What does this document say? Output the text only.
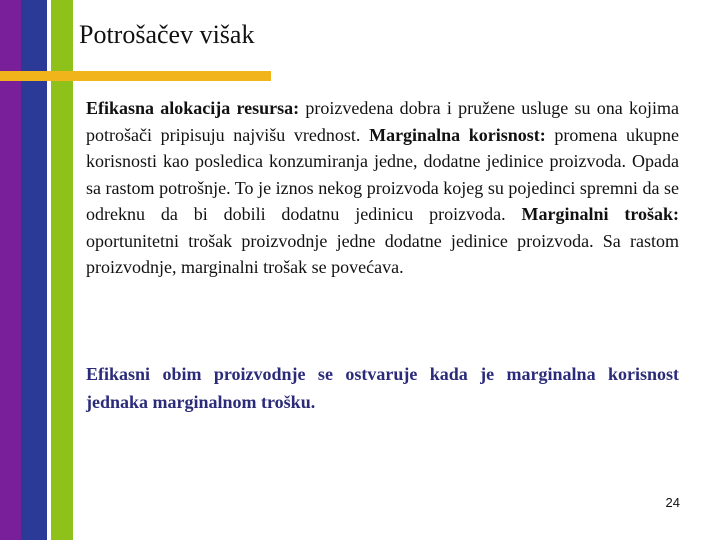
Potrošačev višak

Efikasna alokacija resursa: proizvedena dobra i pružene usluge su ona kojima potrošači pripisuju najvišu vrednost. Marginalna korisnost: promena ukupne korisnosti kao posledica konzumiranja jedne, dodatne jedinice proizvoda. Opada sa rastom potrošnje. To je iznos nekog proizvoda kojeg su pojedinci spremni da se odreknu da bi dobili dodatnu jedinicu proizvoda. Marginalni trošak: oportunitetni trošak proizvodnje jedne dodatne jedinice proizvoda. Sa rastom proizvodnje, marginalni trošak se povećava.

Efikasni obim proizvodnje se ostvaruje kada je marginalna korisnost jednaka marginalnom trošku.

24
